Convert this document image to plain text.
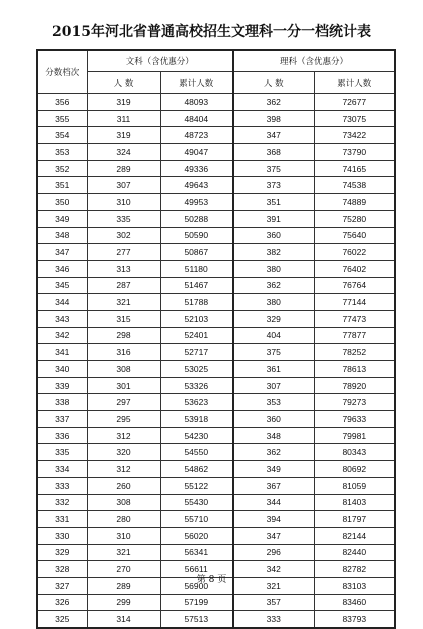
2015年河北省普通高校招生文理科一分一档统计表
分数档次	文科（含优惠分）		理科（含优惠分）	
	人 数	累计人数	人 数	累计人数
356	319	48093	362	72677
355	311	48404	398	73075
354	319	48723	347	73422
353	324	49047	368	73790
352	289	49336	375	74165
351	307	49643	373	74538
350	310	49953	351	74889
349	335	50288	391	75280
348	302	50590	360	75640
347	277	50867	382	76022
346	313	51180	380	76402
345	287	51467	362	76764
344	321	51788	380	77144
343	315	52103	329	77473
342	298	52401	404	77877
341	316	52717	375	78252
340	308	53025	361	78613
339	301	53326	307	78920
338	297	53623	353	79273
337	295	53918	360	79633
336	312	54230	348	79981
335	320	54550	362	80343
334	312	54862	349	80692
333	260	55122	367	81059
332	308	55430	344	81403
331	280	55710	394	81797
330	310	56020	347	82144
329	321	56341	296	82440
328	270	56611	342	82782
327	289	56900	321	83103
326	299	57199	357	83460
325	314	57513	333	83793
第 8 页
